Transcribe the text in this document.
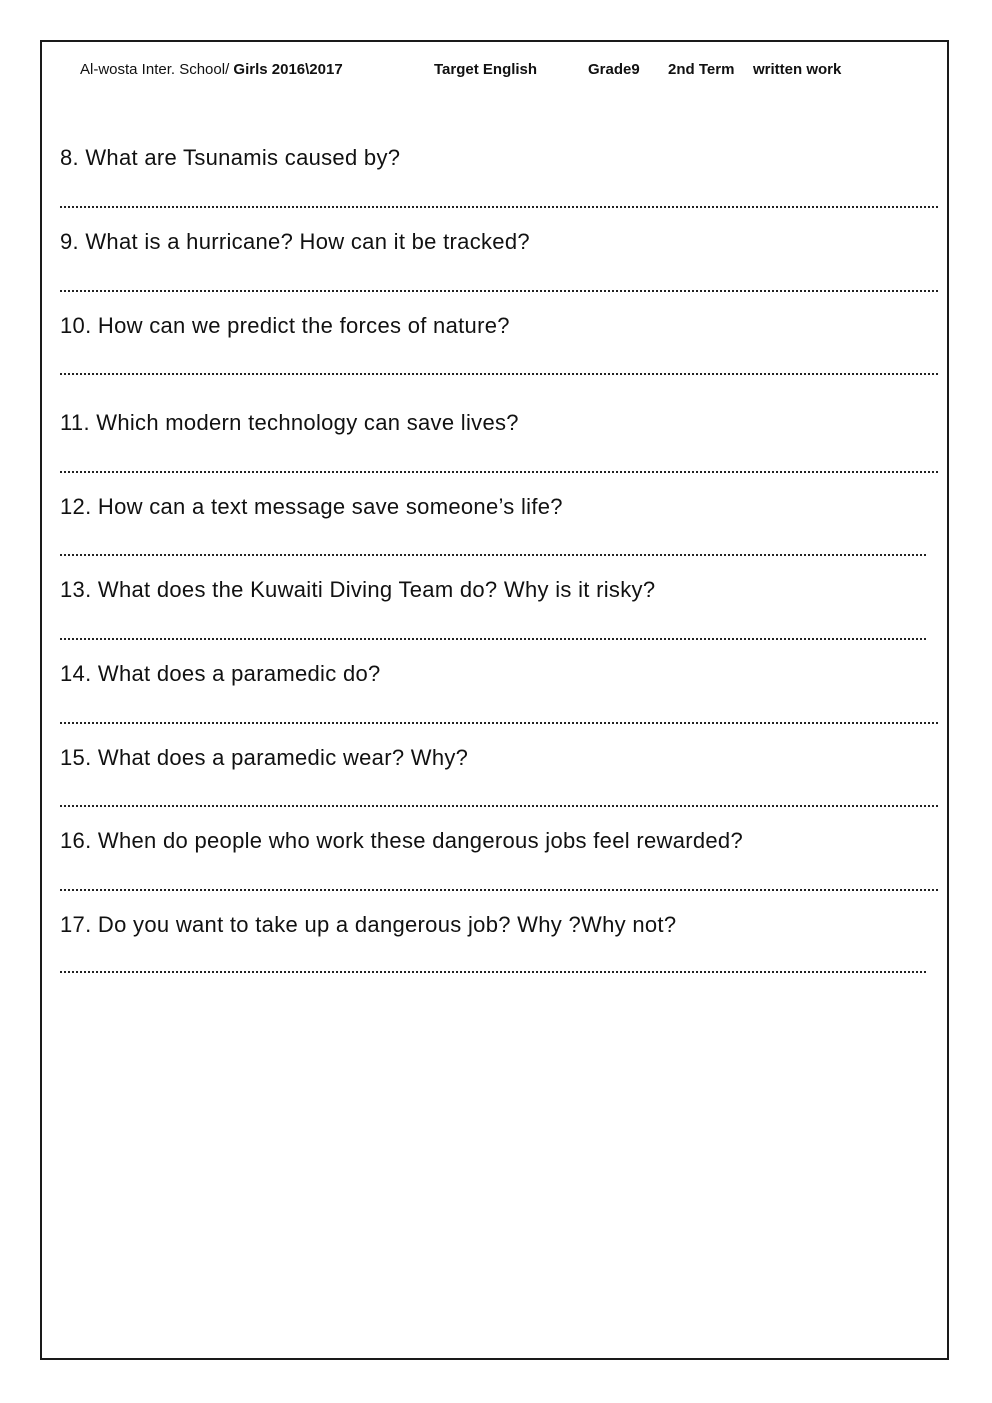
Al-wosta Inter. School/ Girls 2016\2017	Target English	Grade9 2nd Term written work
8. What are Tsunamis caused by?
9. What is a hurricane? How can it be tracked?
10. How can we predict the forces of nature?
11. Which modern technology can save lives?
12. How can a text message save someone’s life?
13. What does the Kuwaiti Diving Team do? Why is it risky?
14. What does a paramedic do?
15. What does a paramedic wear? Why?
16. When do people who work these dangerous jobs feel rewarded?
17. Do you want to take up a dangerous job? Why ?Why not?
